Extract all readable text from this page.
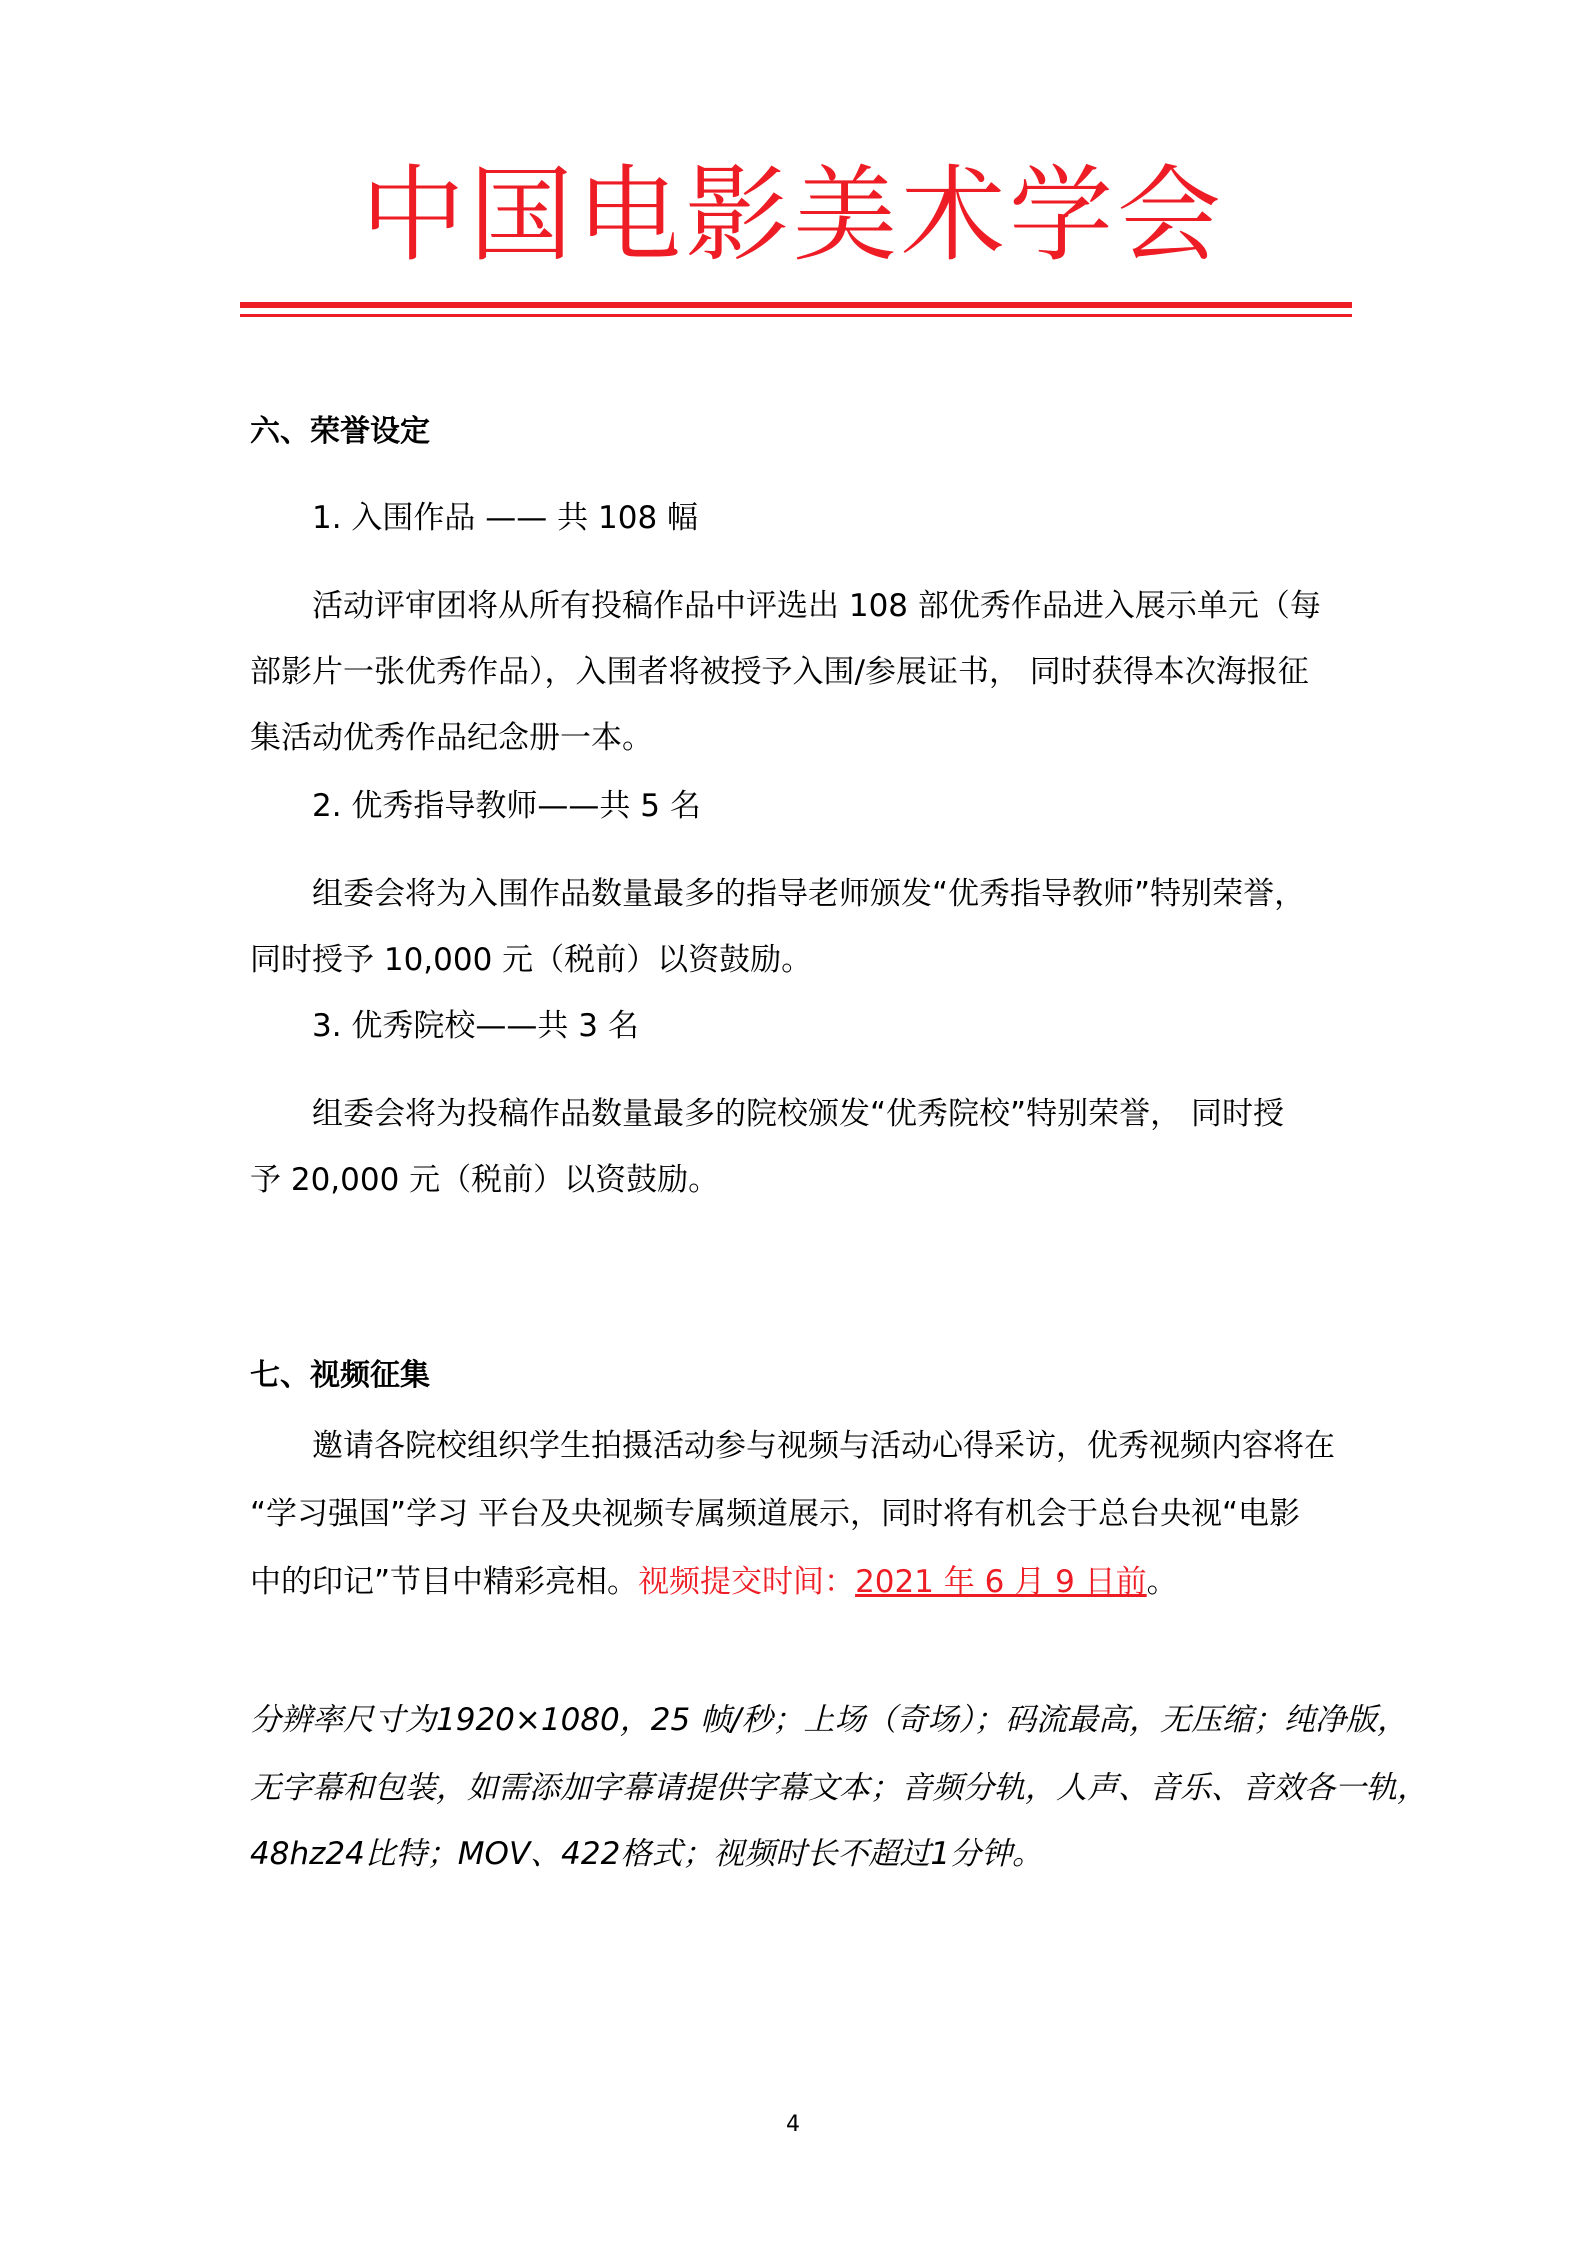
中国电影美术学会
六、荣誉设定
1. 入围作品 —— 共 108 幅
活动评审团将从所有投稿作品中评选出 108 部优秀作品进入展示单元（每
部影片一张优秀作品），入围者将被授予入围/参展证书， 同时获得本次海报征
集活动优秀作品纪念册一本。
2. 优秀指导教师——共 5 名
组委会将为入围作品数量最多的指导老师颁发“优秀指导教师”特别荣誉，
同时授予 10,000 元（税前）以资鼓励。
3. 优秀院校——共 3 名
组委会将为投稿作品数量最多的院校颁发“优秀院校”特别荣誉， 同时授
予 20,000 元（税前）以资鼓励。
七、视频征集
邀请各院校组织学生拍摄活动参与视频与活动心得采访，优秀视频内容将在
“学习强国”学习 平台及央视频专属频道展示，同时将有机会于总台央视“电影
中的印记”节目中精彩亮相。视频提交时间：2021 年 6 月 9 日前。
分辨率尺寸为1920×1080，25 帧/秒；上场（奇场）；码流最高，无压缩；纯净版，
无字幕和包装，如需添加字幕请提供字幕文本；音频分轨，人声、音乐、音效各一轨，
48hz24比特；MOV、422格式；视频时长不超过1分钟。
4
